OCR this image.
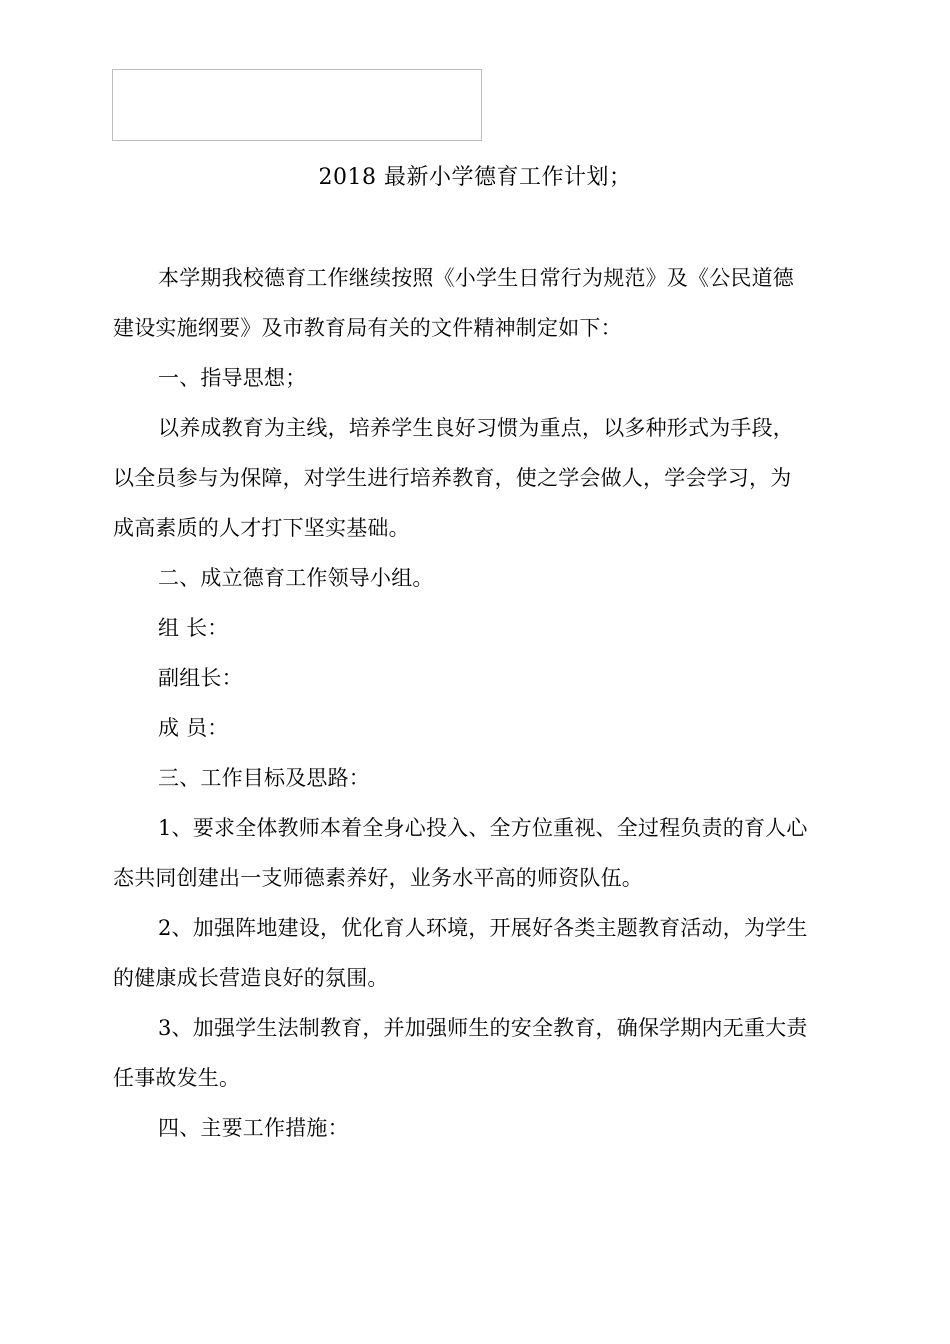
2018 最新小学德育工作计划；

本学期我校德育工作继续按照《小学生日常行为规范》及《公民道德

建设实施纲要》及市教育局有关的文件精神制定如下：

一、指导思想；

以养成教育为主线，培养学生良好习惯为重点，以多种形式为手段，

以全员参与为保障，对学生进行培养教育，使之学会做人，学会学习，为

成高素质的人才打下坚实基础。

二、成立德育工作领导小组。

组 长：

副组长：

成 员：

三、工作目标及思路：

1、要求全体教师本着全身心投入、全方位重视、全过程负责的育人心

态共同创建出一支师德素养好，业务水平高的师资队伍。

2、加强阵地建设，优化育人环境，开展好各类主题教育活动，为学生

的健康成长营造良好的氛围。

3、加强学生法制教育，并加强师生的安全教育，确保学期内无重大责

任事故发生。

四、主要工作措施：
